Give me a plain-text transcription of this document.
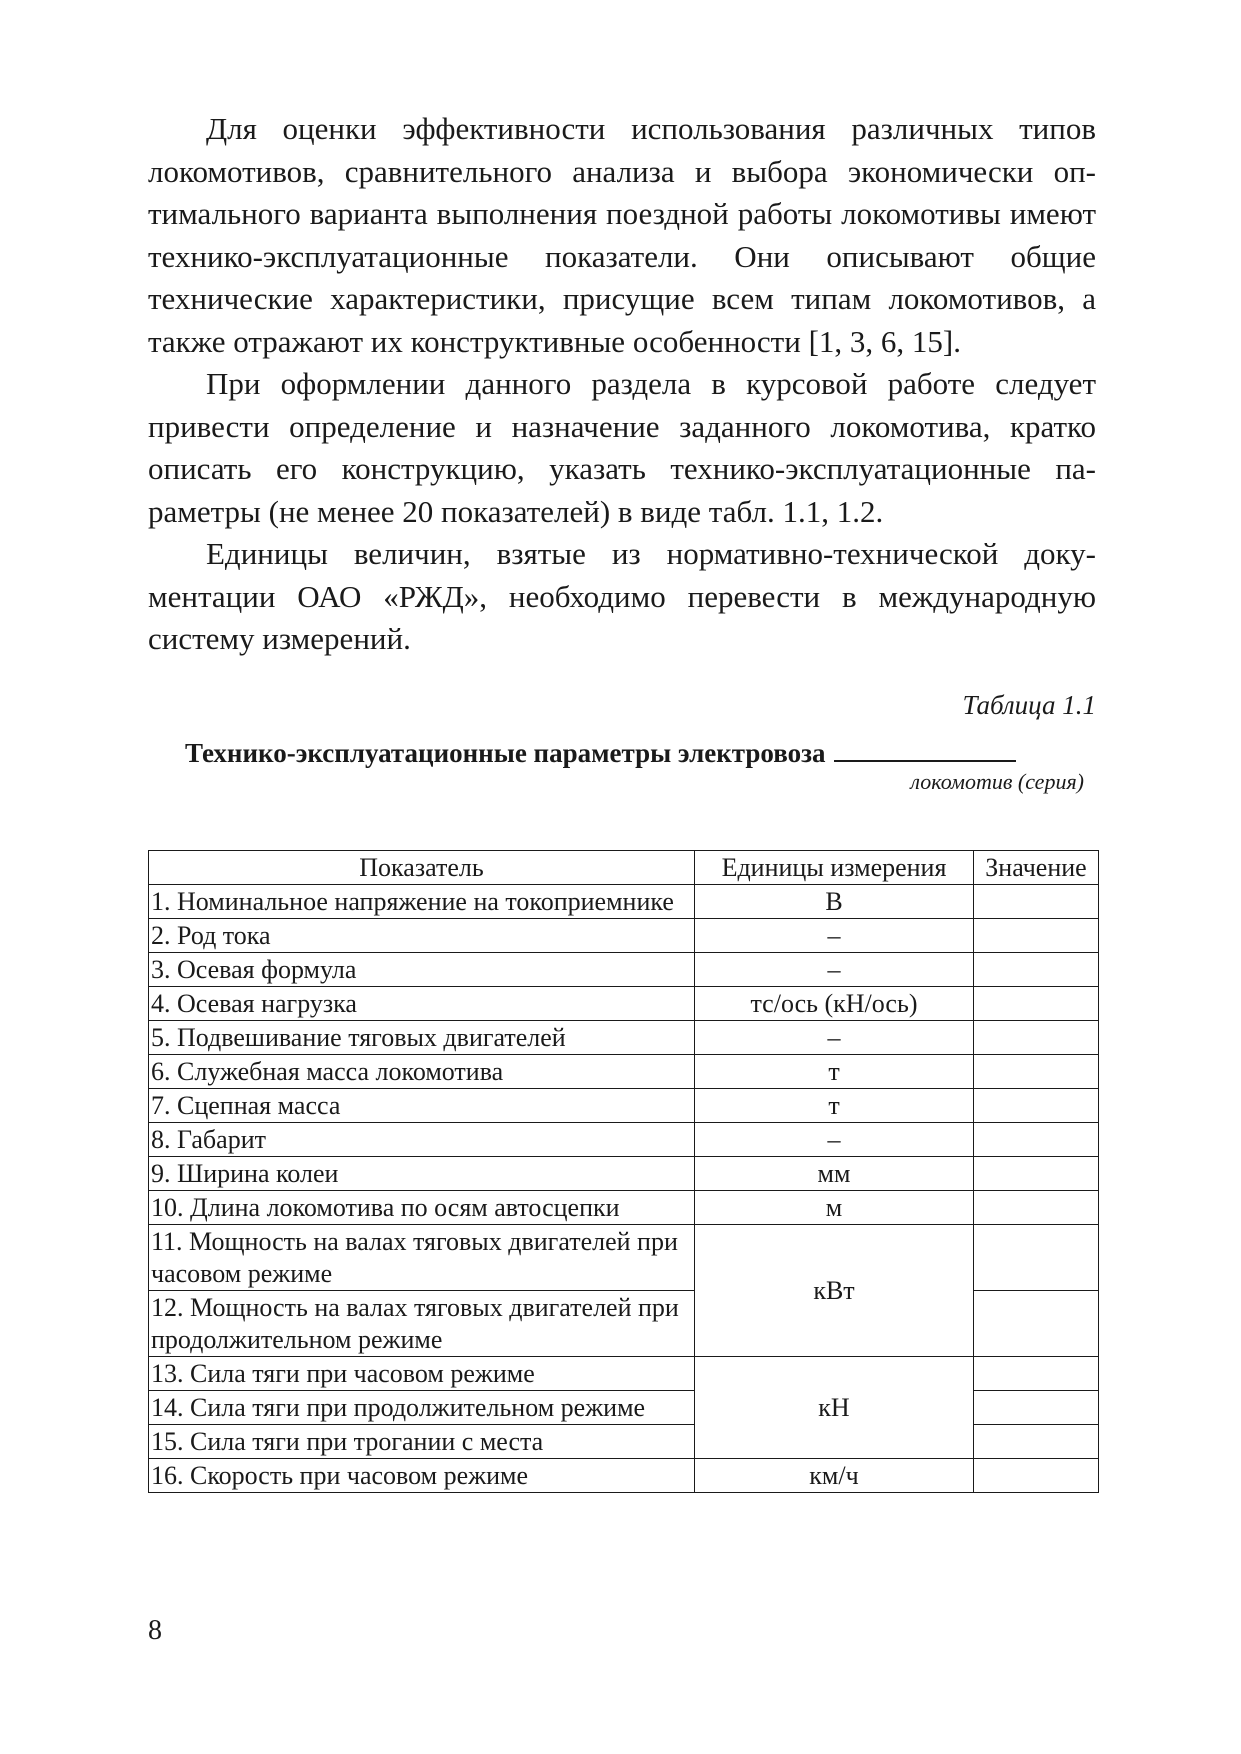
Для оценки эффективности использования различных типов локомотивов, сравнительного анализа и выбора экономически оптимального варианта выполнения поездной работы локомотивы имеют технико-эксплуатационные показатели. Они описывают общие технические характеристики, присущие всем типам локомотивов, а также отражают их конструктивные особенности [1, 3, 6, 15].

При оформлении данного раздела в курсовой работе следует привести определение и назначение заданного локомотива, кратко описать его конструкцию, указать технико-эксплуатационные параметры (не менее 20 показателей) в виде табл. 1.1, 1.2.

Единицы величин, взятые из нормативно-технической документации ОАО «РЖД», необходимо перевести в международную систему измерений.

Таблица 1.1
Технико-эксплуатационные параметры электровоза
локомотив (серия)
Показатель	Единицы измерения	Значение
1. Номинальное напряжение на токоприемнике	В	
2. Род тока	–	
3. Осевая формула	–	
4. Осевая нагрузка	тс/ось (кН/ось)	
5. Подвешивание тяговых двигателей	–	
6. Служебная масса локомотива	т	
7. Сцепная масса	т	
8. Габарит	–	
9. Ширина колеи	мм	
10. Длина локомотива по осям автосцепки	м	
11. Мощность на валах тяговых двигателей при часовом режиме	кВт	
12. Мощность на валах тяговых двигателей при продолжительном режиме		
13. Сила тяги при часовом режиме	кН	
14. Сила тяги при продолжительном режиме		
15. Сила тяги при трогании с места		
16. Скорость при часовом режиме	км/ч	
8
